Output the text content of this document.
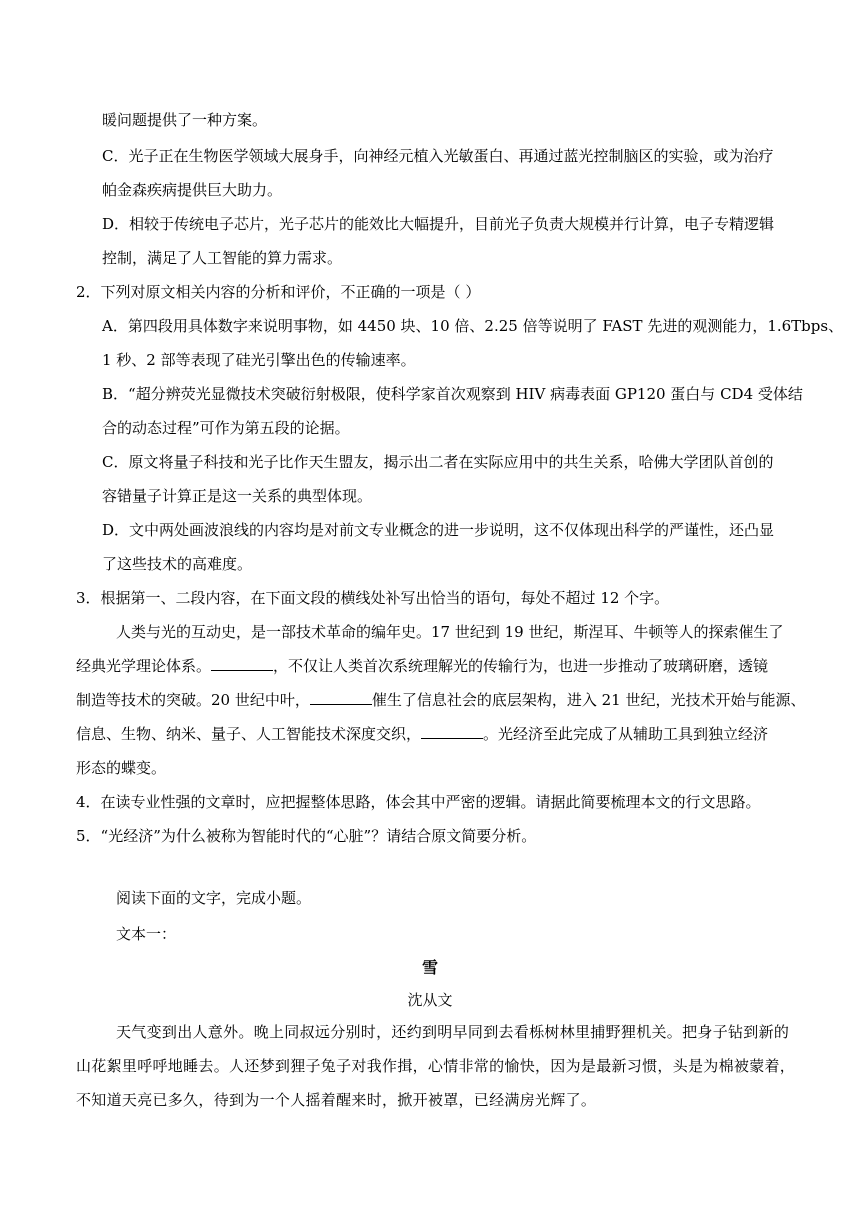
暖问题提供了一种方案。
C．光子正在生物医学领域大展身手，向神经元植入光敏蛋白、再通过蓝光控制脑区的实验，或为治疗
帕金森疾病提供巨大助力。
D．相较于传统电子芯片，光子芯片的能效比大幅提升，目前光子负责大规模并行计算，电子专精逻辑
控制，满足了人工智能的算力需求。
2．下列对原文相关内容的分析和评价，不正确的一项是（ ）
A．第四段用具体数字来说明事物，如 4450 块、10 倍、2.25 倍等说明了 FAST 先进的观测能力，1.6Tbps、
1 秒、2 部等表现了硅光引擎出色的传输速率。
B．“超分辨荧光显微技术突破衍射极限，使科学家首次观察到 HIV 病毒表面 GP120 蛋白与 CD4 受体结
合的动态过程”可作为第五段的论据。
C．原文将量子科技和光子比作天生盟友，揭示出二者在实际应用中的共生关系，哈佛大学团队首创的
容错量子计算正是这一关系的典型体现。
D．文中两处画波浪线的内容均是对前文专业概念的进一步说明，这不仅体现出科学的严谨性，还凸显
了这些技术的高难度。
3．根据第一、二段内容，在下面文段的横线处补写出恰当的语句，每处不超过 12 个字。
人类与光的互动史，是一部技术革命的编年史。17 世纪到 19 世纪，斯涅耳、牛顿等人的探索催生了
经典光学理论体系。	，不仅让人类首次系统理解光的传输行为，也进一步推动了玻璃研磨，透镜
制造等技术的突破。20 世纪中叶，	催生了信息社会的底层架构，进入 21 世纪，光技术开始与能源、
信息、生物、纳米、量子、人工智能技术深度交织，	。光经济至此完成了从辅助工具到独立经济
形态的蝶变。
4．在读专业性强的文章时，应把握整体思路，体会其中严密的逻辑。请据此简要梳理本文的行文思路。
5．“光经济”为什么被称为智能时代的“心脏”？请结合原文简要分析。
阅读下面的文字，完成小题。
文本一：
雪
沈从文
天气变到出人意外。晚上同叔远分别时，还约到明早同到去看栎树林里捕野狸机关。把身子钻到新的
山花絮里呼呼地睡去。人还梦到狸子兔子对我作揖，心情非常的愉快，因为是最新习惯，头是为棉被蒙着，
不知道天亮已多久，待到为一个人摇着醒来时，掀开被罩，已经满房光辉了。
